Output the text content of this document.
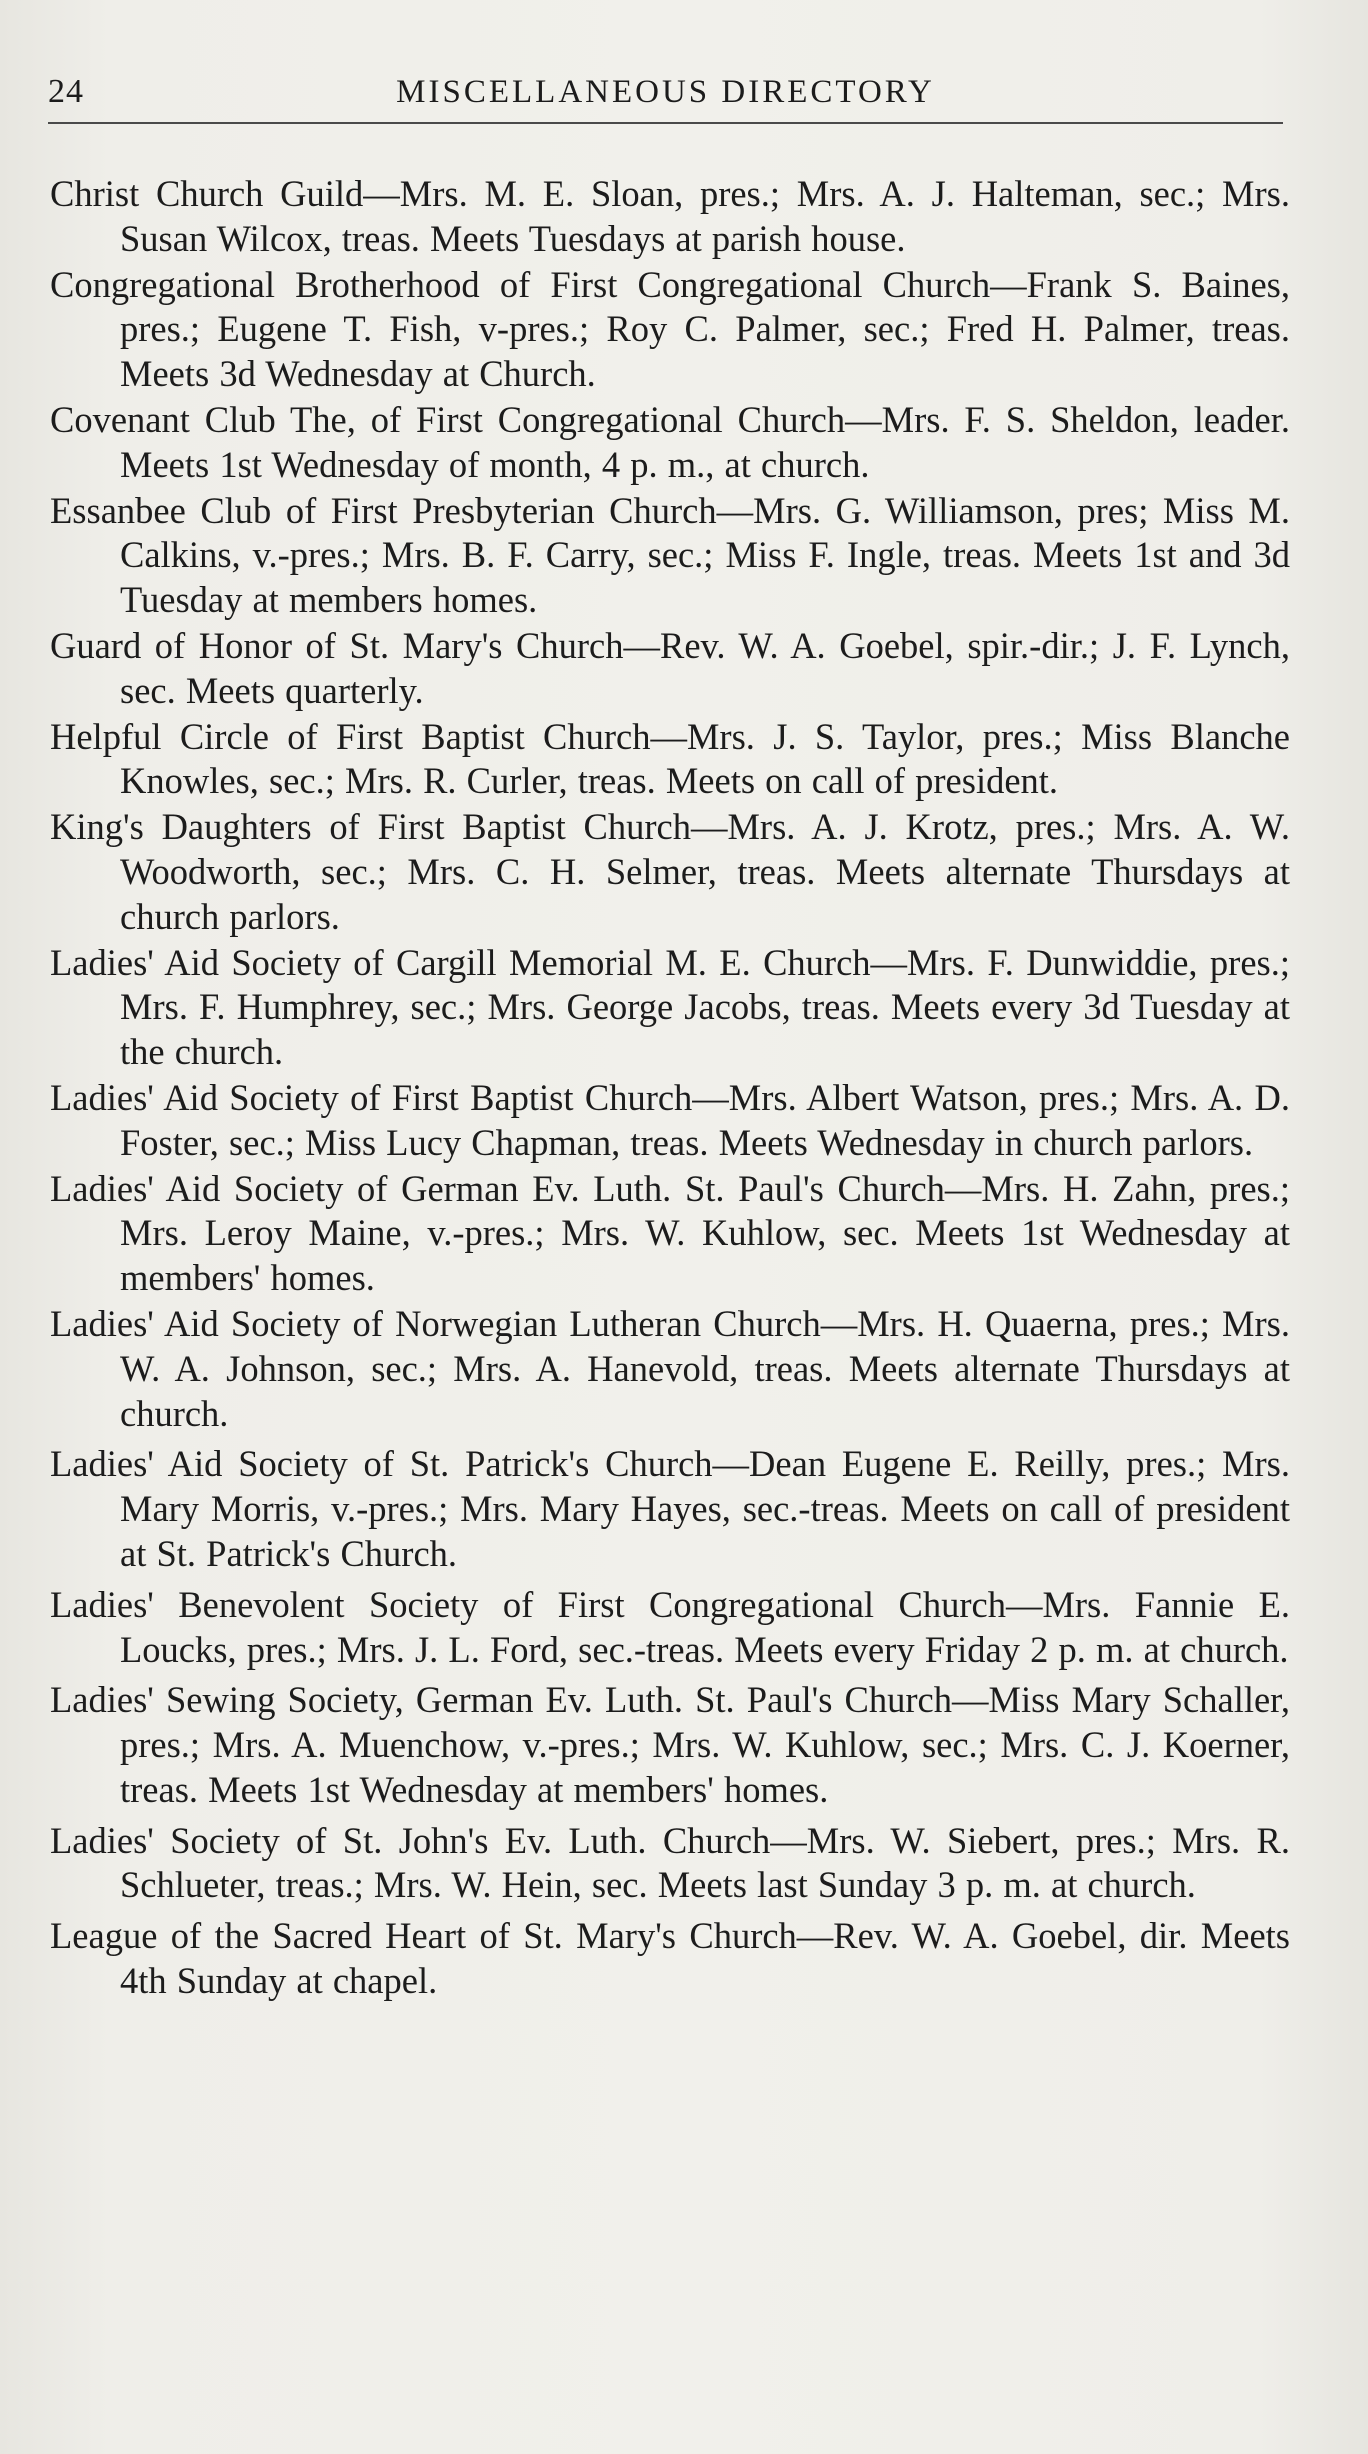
24	MISCELLANEOUS DIRECTORY
Christ Church Guild—Mrs. M. E. Sloan, pres.; Mrs. A. J. Halteman, sec.; Mrs. Susan Wilcox, treas. Meets Tuesdays at parish house.
Congregational Brotherhood of First Congregational Church—Frank S. Baines, pres.; Eugene T. Fish, v-pres.; Roy C. Palmer, sec.; Fred H. Palmer, treas. Meets 3d Wednesday at Church.
Covenant Club The, of First Congregational Church—Mrs. F. S. Sheldon, leader. Meets 1st Wednesday of month, 4 p. m., at church.
Essanbee Club of First Presbyterian Church—Mrs. G. Williamson, pres; Miss M. Calkins, v.-pres.; Mrs. B. F. Carry, sec.; Miss F. Ingle, treas. Meets 1st and 3d Tuesday at members homes.
Guard of Honor of St. Mary's Church—Rev. W. A. Goebel, spir.-dir.; J. F. Lynch, sec. Meets quarterly.
Helpful Circle of First Baptist Church—Mrs. J. S. Taylor, pres.; Miss Blanche Knowles, sec.; Mrs. R. Curler, treas. Meets on call of president.
King's Daughters of First Baptist Church—Mrs. A. J. Krotz, pres.; Mrs. A. W. Woodworth, sec.; Mrs. C. H. Selmer, treas. Meets alternate Thursdays at church parlors.
Ladies' Aid Society of Cargill Memorial M. E. Church—Mrs. F. Dunwiddie, pres.; Mrs. F. Humphrey, sec.; Mrs. George Jacobs, treas. Meets every 3d Tuesday at the church.
Ladies' Aid Society of First Baptist Church—Mrs. Albert Watson, pres.; Mrs. A. D. Foster, sec.; Miss Lucy Chapman, treas. Meets Wednesday in church parlors.
Ladies' Aid Society of German Ev. Luth. St. Paul's Church—Mrs. H. Zahn, pres.; Mrs. Leroy Maine, v.-pres.; Mrs. W. Kuhlow, sec. Meets 1st Wednesday at members' homes.
Ladies' Aid Society of Norwegian Lutheran Church—Mrs. H. Quaerna, pres.; Mrs. W. A. Johnson, sec.; Mrs. A. Hanevold, treas. Meets alternate Thursdays at church.
Ladies' Aid Society of St. Patrick's Church—Dean Eugene E. Reilly, pres.; Mrs. Mary Morris, v.-pres.; Mrs. Mary Hayes, sec.-treas. Meets on call of president at St. Patrick's Church.
Ladies' Benevolent Society of First Congregational Church—Mrs. Fannie E. Loucks, pres.; Mrs. J. L. Ford, sec.-treas. Meets every Friday 2 p. m. at church.
Ladies' Sewing Society, German Ev. Luth. St. Paul's Church—Miss Mary Schaller, pres.; Mrs. A. Muenchow, v.-pres.; Mrs. W. Kuhlow, sec.; Mrs. C. J. Koerner, treas. Meets 1st Wednesday at members' homes.
Ladies' Society of St. John's Ev. Luth. Church—Mrs. W. Siebert, pres.; Mrs. R. Schlueter, treas.; Mrs. W. Hein, sec. Meets last Sunday 3 p. m. at church.
League of the Sacred Heart of St. Mary's Church—Rev. W. A. Goebel, dir. Meets 4th Sunday at chapel.
